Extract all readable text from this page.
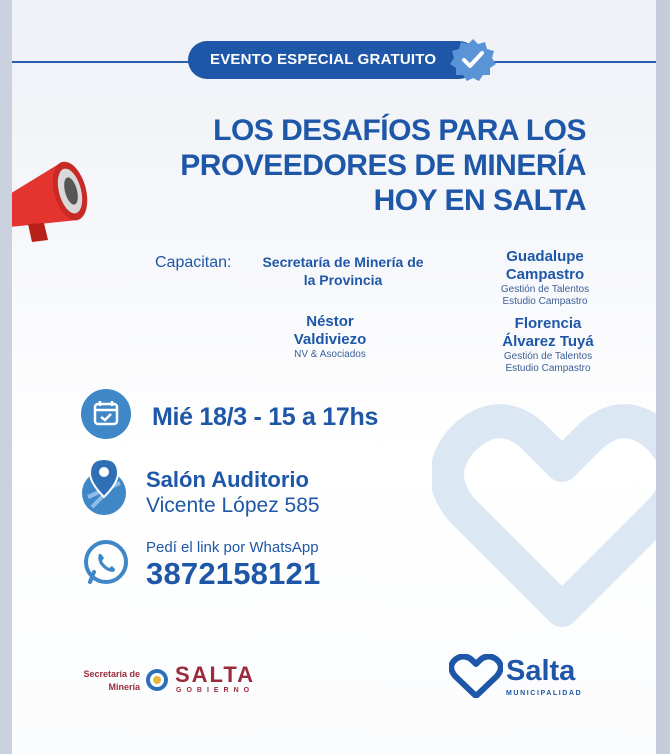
EVENTO ESPECIAL GRATUITO
LOS DESAFÍOS PARA LOS
PROVEEDORES DE MINERÍA
HOY EN SALTA
Capacitan:	Secretaría de Minería de la Provincia
Guadalupe Campastro
Gestión de Talentos
Estudio Campastro
Néstor Valdiviezo
NV & Asociados
Florencia Álvarez Tuyá
Gestión de Talentos
Estudio Campastro
Mié 18/3 - 15 a 17hs
Salón Auditorio
Vicente López 585
Pedí el link por WhatsApp
3872158121
Secretaría de
Minería SALTA
GOBIERNO
Salta
MUNICIPALIDAD
